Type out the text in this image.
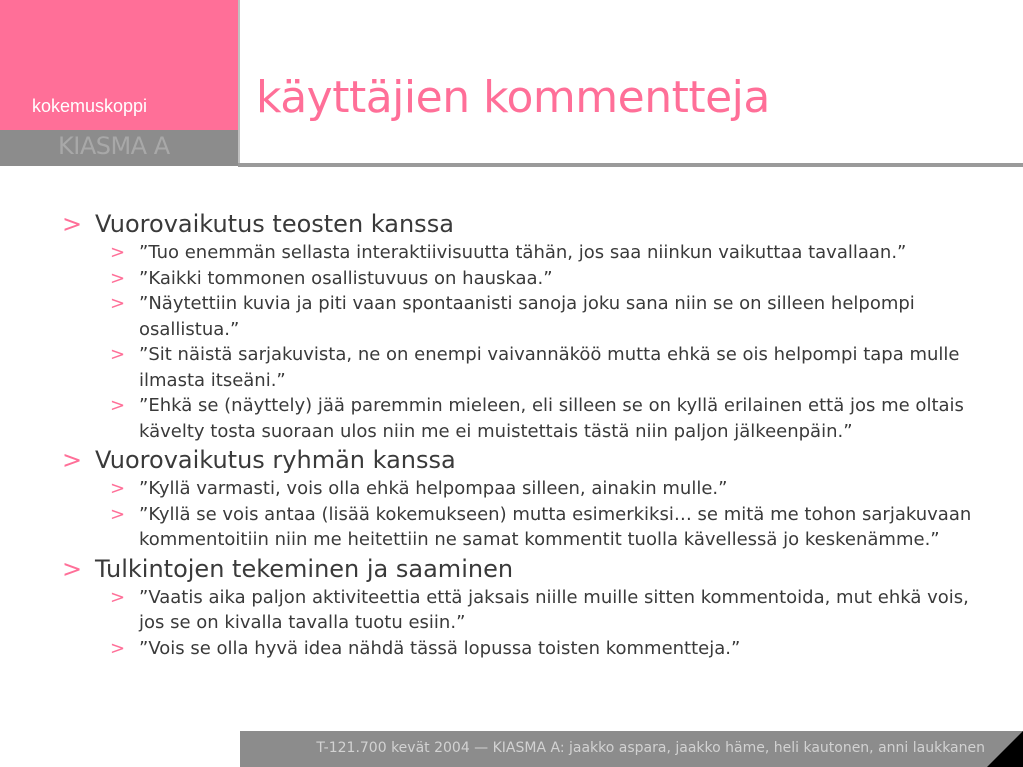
kokemuskoppi
KIASMA A
käyttäjien kommentteja
> Vuorovaikutus teosten kanssa
> ”Tuo enemmän sellasta interaktiivisuutta tähän, jos saa niinkun vaikuttaa tavallaan.”
> ”Kaikki tommonen osallistuvuus on hauskaa.”
> ”Näytettiin kuvia ja piti vaan spontaanisti sanoja joku sana niin se on silleen helpompi osallistua.”
> ”Sit näistä sarjakuvista, ne on enempi vaivannäköö mutta ehkä se ois helpompi tapa mulle ilmasta itseäni.”
> ”Ehkä se (näyttely) jää paremmin mieleen, eli silleen se on kyllä erilainen että jos me oltais kävelty tosta suoraan ulos niin me ei muistettais tästä niin paljon jälkeenpäin.”
> Vuorovaikutus ryhmän kanssa
> ”Kyllä varmasti, vois olla ehkä helpompaa silleen, ainakin mulle.”
> ”Kyllä se vois antaa (lisää kokemukseen) mutta esimerkiksi… se mitä me tohon sarjakuvaan kommentoitiin niin me heitettiin ne samat kommentit tuolla kävellessä jo keskenämme.”
> Tulkintojen tekeminen ja saaminen
> ”Vaatis aika paljon aktiviteettia että jaksais niille muille sitten kommentoida, mut ehkä vois, jos se on kivalla tavalla tuotu esiin.”
> ”Vois se olla hyvä idea nähdä tässä lopussa toisten kommentteja.”
T-121.700 kevät 2004 — KIASMA A: jaakko aspara, jaakko häme, heli kautonen, anni laukkanen
